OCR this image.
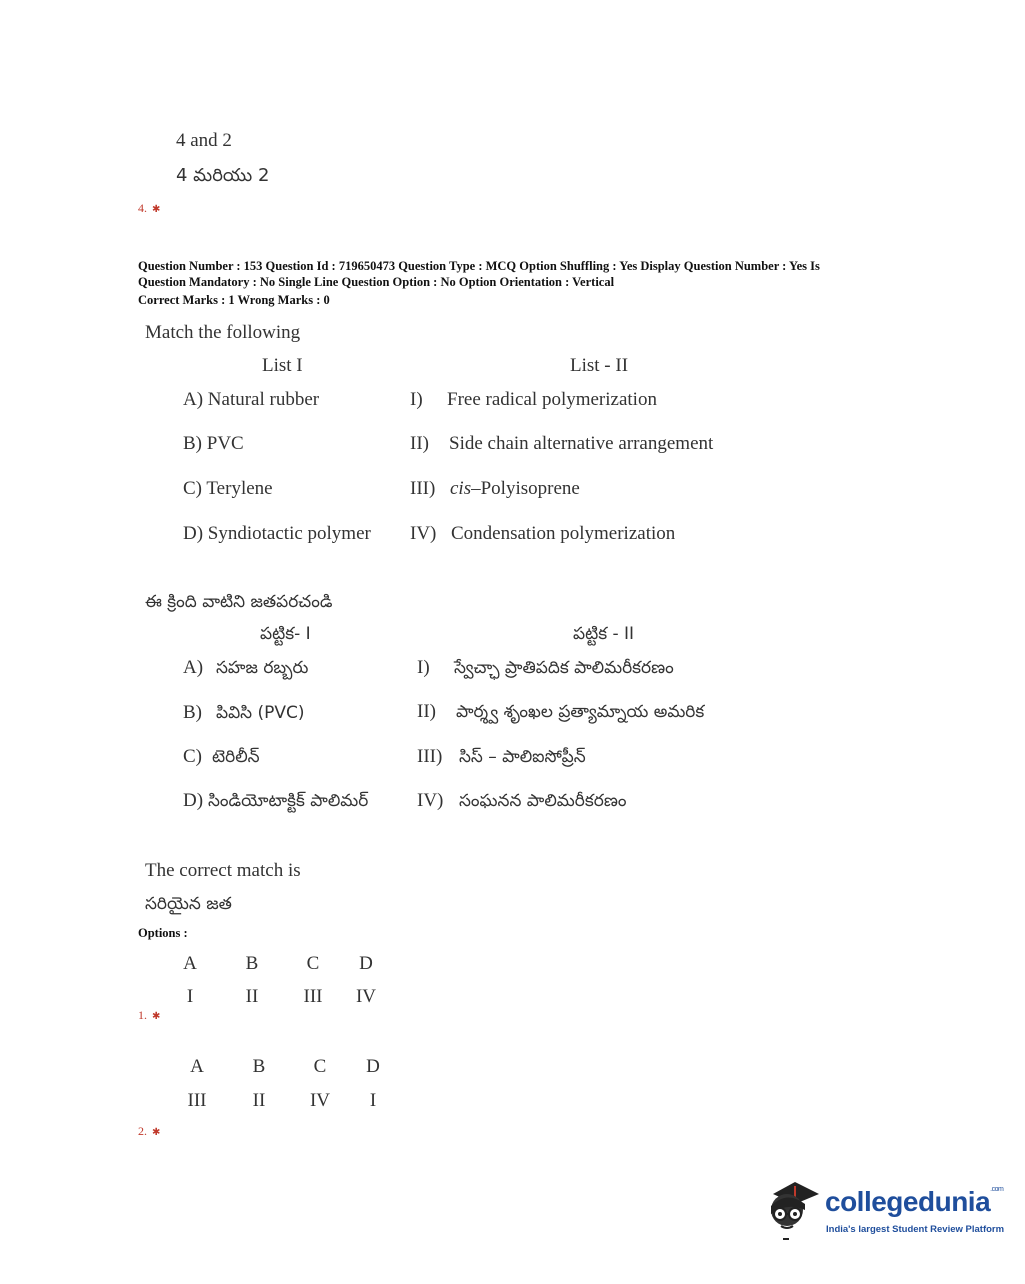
4 and 2
4 మరియు 2
4. ✱
Question Number : 153 Question Id : 719650473 Question Type : MCQ Option Shuffling : Yes Display Question Number : Yes Is
Question Mandatory : No Single Line Question Option : No Option Orientation : Vertical
Correct Marks : 1 Wrong Marks : 0
Match the following
List I	List - II
A) Natural rubber	I) Free radical polymerization
B) PVC	II) Side chain alternative arrangement
C) Terylene	III) cis–Polyisoprene
D) Syndiotactic polymer IV) Condensation polymerization
ఈ క్రింది వాటిని జతపరచండి
పట్టిక- I	పట్టిక - II
A) సహజ రబ్బరు	I) స్వేచ్ఛా ప్రాతిపదిక పాలిమరీకరణం
B) పివిసి (PVC)	II) పార్శ్వ శృంఖల ప్రత్యామ్నాయ అమరిక
C) టెరిలీన్	III) సిస్ – పాలిఐసోప్రీన్
D) సిండియోటాక్టిక్ పాలిమర్	IV) సంఘనన పాలిమరీకరణం
The correct match is
సరియైన జత
Options :
A	B	C	D
I	II	III IV
1. ✱
A	B	C	D
III	II	IV	I
2. ✱
collegedunia$^{.com}$
India's largest Student Review Platform
